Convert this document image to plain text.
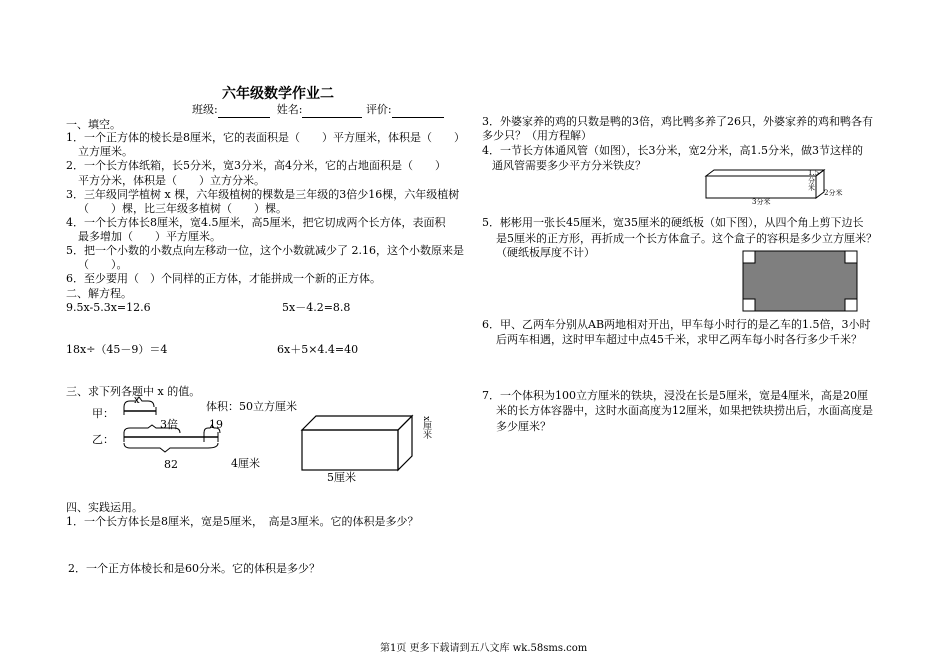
六年级数学作业二
班级:	姓名:	评价:
一、填空。
1．一个正方体的棱长是8厘米，它的表面积是（　　）平方厘米，体积是（　　）
立方厘米。
2．一个长方体纸箱，长5分米，宽3分米，高4分米，它的占地面积是（　　）
平方分米，体积是（　　）立方分米。
3．三年级同学植树 x 棵，六年级植树的棵数是三年级的3倍少16棵，六年级植树
（　　）棵，比三年级多植树（　　）棵。
4．一个长方体长8厘米，宽4.5厘米，高5厘米，把它切成两个长方体，表面积
最多增加（　　）平方厘米。
5．把一个小数的小数点向左移动一位，这个小数就减少了 2.16，这个小数原来是
（　　）。
6．至少要用（　）个同样的正方体，才能拼成一个新的正方体。
二、解方程。
9.5x-5.3x=12.6	5x－4.2=8.8
18x÷（45－9）＝4	6x＋5×4.4=40
三、求下列各题中 x 的值。
体积：50立方厘米
甲：
乙：
x
3倍	19
82	4厘米
5厘米
x厘米
四、实践运用。
1．一个长方体长是8厘米，宽是5厘米，　高是3厘米。它的体积是多少？
2．一个正方体棱长和是60分米。它的体积是多少？
3．外婆家养的鸡的只数是鸭的3倍，鸡比鸭多养了26只，外婆家养的鸡和鸭各有
多少只？（用方程解）
4．一节长方体通风管（如图），长3分米，宽2分米，高1.5分米，做3节这样的
通风管需要多少平方分米铁皮？
3分米
1.5分米
2分米
5．彬彬用一张长45厘米，宽35厘米的硬纸板（如下图），从四个角上剪下边长
是5厘米的正方形，再折成一个长方体盒子。这个盒子的容积是多少立方厘米？
（硬纸板厚度不计）
6．甲、乙两车分别从AB两地相对开出，甲车每小时行的是乙车的1.5倍，3小时
后两车相遇，这时甲车超过中点45千米，求甲乙两车每小时各行多少千米？
7．一个体积为100立方厘米的铁块，浸没在长是5厘米，宽是4厘米，高是20厘
米的长方体容器中，这时水面高度为12厘米，如果把铁块捞出后，水面高度是
多少厘米？
第1页 更多下载请到五八文库 wk.58sms.com
